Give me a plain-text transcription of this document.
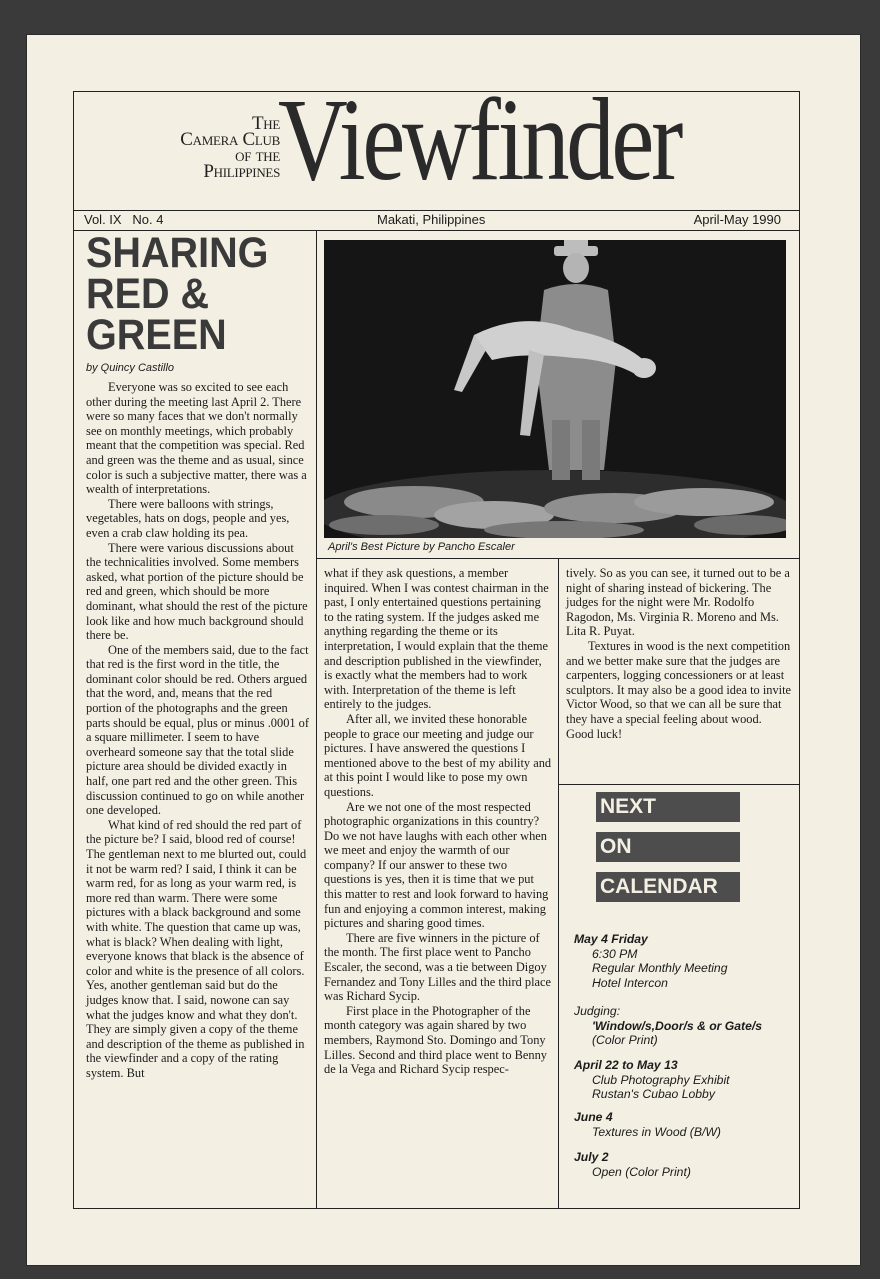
The
Camera Club
of the
Philippines
Viewfinder
Vol. IX No. 4	Makati, Philippines	April-May 1990
SHARING
RED &
GREEN
by Quincy Castillo

Everyone was so excited to see each other during the meeting last April 2. There were so many faces that we don't normally see on monthly meetings, which probably meant that the competition was special. Red and green was the theme and as usual, since color is such a subjective matter, there was a wealth of interpretations.

There were balloons with strings, vegetables, hats on dogs, people and yes, even a crab claw holding its pea.

There were various discussions about the technicalities involved. Some members asked, what portion of the picture should be red and green, which should be more dominant, what should the rest of the picture look like and how much background should there be.

One of the members said, due to the fact that red is the first word in the title, the dominant color should be red. Others argued that the word, and, means that the red portion of the photographs and the green parts should be equal, plus or minus .0001 of a square millimeter. I seem to have overheard someone say that the total slide picture area should be divided exactly in half, one part red and the other green. This discussion continued to go on while another one developed.

What kind of red should the red part of the picture be? I said, blood red of course! The gentleman next to me blurted out, could it not be warm red? I said, I think it can be warm red, for as long as your warm red, is more red than warm. There were some pictures with a black background and some with white. The question that came up was, what is black? When dealing with light, everyone knows that black is the absence of color and white is the presence of all colors. Yes, another gentleman said but do the judges know that. I said, nowone can say what the judges know and what they don't. They are simply given a copy of the theme and description of the theme as published in the viewfinder and a copy of the rating system. But

April's Best Picture by Pancho Escaler

what if they ask questions, a member inquired. When I was contest chairman in the past, I only entertained questions pertaining to the rating system. If the judges asked me anything regarding the theme or its interpretation, I would explain that the theme and description published in the viewfinder, is exactly what the members had to work with. Interpretation of the theme is left entirely to the judges.

After all, we invited these honorable people to grace our meeting and judge our pictures. I have answered the questions I mentioned above to the best of my ability and at this point I would like to pose my own questions.

Are we not one of the most respected photographic organizations in this country? Do we not have laughs with each other when we meet and enjoy the warmth of our company? If our answer to these two questions is yes, then it is time that we put this matter to rest and look forward to having fun and enjoying a common interest, making pictures and sharing good times.

There are five winners in the picture of the month. The first place went to Pancho Escaler, the second, was a tie between Digoy Fernandez and Tony Lilles and the third place was Richard Sycip.

First place in the Photographer of the month category was again shared by two members, Raymond Sto. Domingo and Tony Lilles. Second and third place went to Benny de la Vega and Richard Sycip respec-

tively. So as you can see, it turned out to be a night of sharing instead of bickering. The judges for the night were Mr. Rodolfo Ragodon, Ms. Virginia R. Moreno and Ms. Lita R. Puyat.

Textures in wood is the next competition and we better make sure that the judges are carpenters, logging concessioners or at least sculptors. It may also be a good idea to invite Victor Wood, so that we can all be sure that they have a special feeling about wood. Good luck!

NEXT
ON
CALENDAR
May 4 Friday
6:30 PM
Regular Monthly Meeting
Hotel Intercon
Judging:
'Window/s,Door/s & or Gate/s
(Color Print)
April 22 to May 13
Club Photography Exhibit
Rustan's Cubao Lobby
June 4
Textures in Wood (B/W)
July 2
Open (Color Print)
